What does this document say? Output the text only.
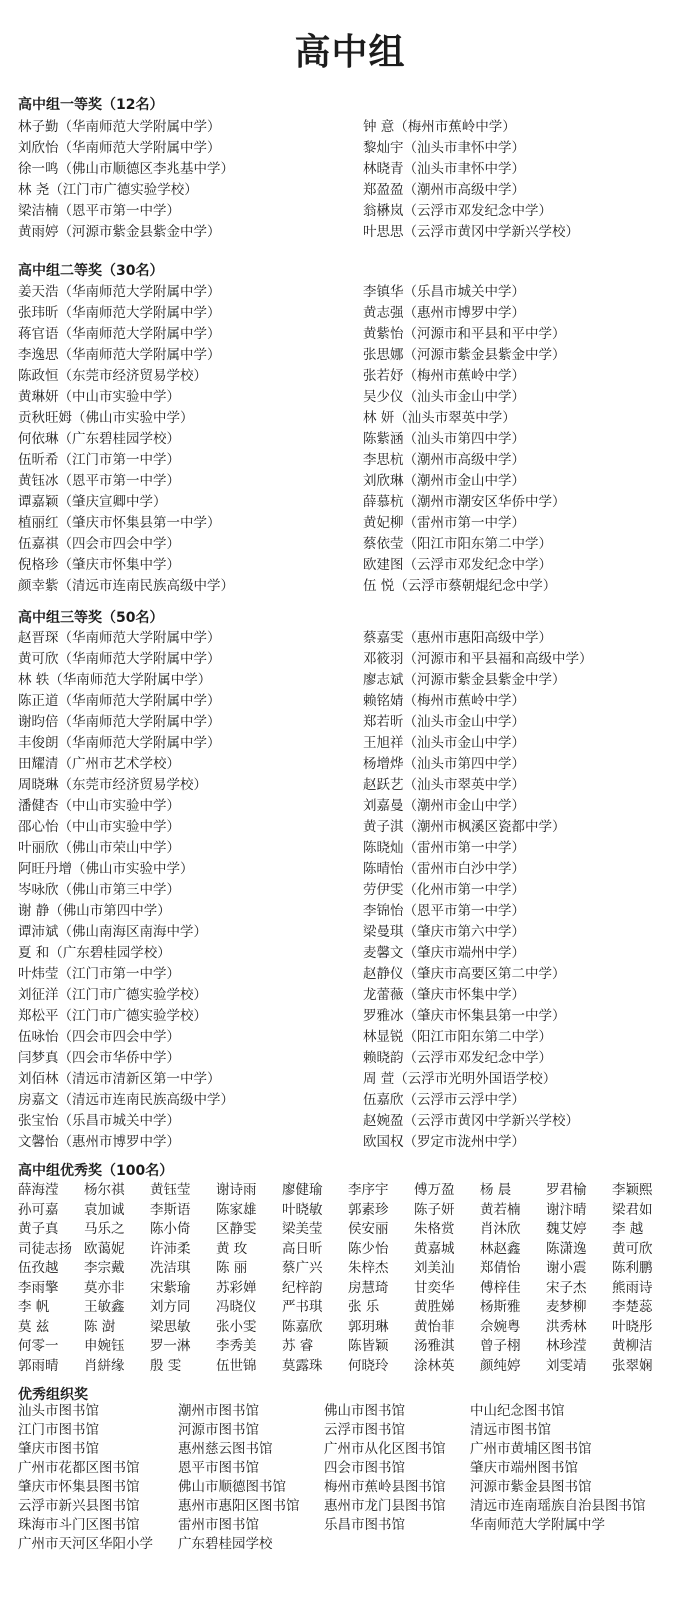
高中组
高中组一等奖（12名）
林子勤（华南师范大学附属中学）	钟 意（梅州市蕉岭中学）
刘欣怡（华南师范大学附属中学）	黎灿宇（汕头市聿怀中学）
徐一鸣（佛山市顺德区李兆基中学）	林晓青（汕头市聿怀中学）
林 尧（江门市广德实验学校）	郑盈盈（潮州市高级中学）
梁洁楠（恩平市第一中学）	翁楙岚（云浮市邓发纪念中学）
黄雨婷（河源市紫金县紫金中学）	叶思思（云浮市黄冈中学新兴学校）
高中组二等奖（30名）
姜天浩（华南师范大学附属中学）	李镇华（乐昌市城关中学）
张玮昕（华南师范大学附属中学）	黄志强（惠州市博罗中学）
蒋官语（华南师范大学附属中学）	黄紫怡（河源市和平县和平中学）
李逸思（华南师范大学附属中学）	张思娜（河源市紫金县紫金中学）
陈政恒（东莞市经济贸易学校）	张若妤（梅州市蕉岭中学）
黄琳妍（中山市实验中学）	吴少仪（汕头市金山中学）
贡秋旺姆（佛山市实验中学）	林 妍（汕头市翠英中学）
何依琳（广东碧桂园学校）	陈紫涵（汕头市第四中学）
伍昕希（江门市第一中学）	李思杭（潮州市高级中学）
黄钰冰（恩平市第一中学）	刘欣琳（潮州市金山中学）
谭嘉颖（肇庆宣卿中学）	薛慕杭（潮州市潮安区华侨中学）
植丽红（肇庆市怀集县第一中学）	黄妃柳（雷州市第一中学）
伍嘉祺（四会市四会中学）	蔡依莹（阳江市阳东第二中学）
倪格珍（肇庆市怀集中学）	欧建图（云浮市邓发纪念中学）
颜幸紫（清远市连南民族高级中学）	伍 悦（云浮市蔡朝焜纪念中学）
高中组三等奖（50名）
赵晋琛（华南师范大学附属中学）	蔡嘉雯（惠州市惠阳高级中学）
黄可欣（华南师范大学附属中学）	邓筱羽（河源市和平县福和高级中学）
林 轶（华南师范大学附属中学）	廖志斌（河源市紫金县紫金中学）
陈正道（华南师范大学附属中学）	赖铭婧（梅州市蕉岭中学）
谢昀倍（华南师范大学附属中学）	郑若昕（汕头市金山中学）
丰俊朗（华南师范大学附属中学）	王旭祥（汕头市金山中学）
田耀清（广州市艺术学校）	杨增烨（汕头市第四中学）
周晓琳（东莞市经济贸易学校）	赵跃艺（汕头市翠英中学）
潘健杏（中山市实验中学）	刘嘉曼（潮州市金山中学）
邵心怡（中山市实验中学）	黄子淇（潮州市枫溪区瓷都中学）
叶丽欣（佛山市荣山中学）	陈晓灿（雷州市第一中学）
阿旺丹增（佛山市实验中学）	陈晴怡（雷州市白沙中学）
岑咏欣（佛山市第三中学）	劳伊雯（化州市第一中学）
谢 静（佛山市第四中学）	李锦怡（恩平市第一中学）
谭沛斌（佛山南海区南海中学）	梁曼琪（肇庆市第六中学）
夏 和（广东碧桂园学校）	麦馨文（肇庆市端州中学）
叶炜莹（江门市第一中学）	赵静仪（肇庆市高要区第二中学）
刘征洋（江门市广德实验学校）	龙蕾薇（肇庆市怀集中学）
郑松平（江门市广德实验学校）	罗雅冰（肇庆市怀集县第一中学）
伍咏怡（四会市四会中学）	林显锐（阳江市阳东第二中学）
闫梦真（四会市华侨中学）	赖晓韵（云浮市邓发纪念中学）
刘佰林（清远市清新区第一中学）	周 萱（云浮市光明外国语学校）
房嘉文（清远市连南民族高级中学）	伍嘉欣（云浮市云浮中学）
张宝怡（乐昌市城关中学）	赵婉盈（云浮市黄冈中学新兴学校）
文馨怡（惠州市博罗中学）	欧国权（罗定市泷州中学）
高中组优秀奖（100名）
薛海滢 杨尔祺 黄钰莹 谢诗雨 廖健瑜 李序宇 傅万盈 杨 晨	罗君榆 李颖熙
孙可嘉 袁加诚 李斯语 陈家雄 叶晓敏 郭素珍 陈子妍 黄若楠 谢汴晴 梁君如
黄子真 马乐之 陈小倚 区静雯 梁美莹 侯安丽 朱格赏 肖沐欣 魏艾婷 李 越
司徒志扬 欧蔼妮 许沛柔 黄 玫	高日昕 陈少怡 黄嘉城 林赵鑫 陈潇逸 黄可欣
伍孜越 李宗戴 冼洁琪 陈 丽	蔡广兴 朱梓杰 刘美汕 郑倩怡 谢小震 陈利鹏
李雨擎 莫亦非 宋紫瑜 苏彩婵 纪梓韵 房慧琦 甘奕华 傅梓佳 宋子杰 熊雨诗
李 帆	王敏鑫 刘方同 冯晓仪 严书琪 张 乐	黄胜娣 杨斯雅 麦梦柳 李楚蕊
莫 兹	陈 澍	梁思敏 张小雯 陈嘉欣 郭玥琳 黄怡菲 佘婉粤 洪秀林 叶晓彤
何零一 申婉钰 罗一淋 李秀美 苏 睿	陈皆颖 汤雅淇 曾子栩 林珍滢 黄柳洁
郭雨晴 肖絣缘 殷 雯	伍世锦 莫露珠 何晓玲 涂林英 颜纯婷 刘雯靖 张翠娴
优秀组织奖
汕头市图书馆	潮州市图书馆	佛山市图书馆	中山纪念图书馆
江门市图书馆	河源市图书馆	云浮市图书馆	清远市图书馆
肇庆市图书馆	惠州慈云图书馆	广州市从化区图书馆 广州市黄埔区图书馆
广州市花都区图书馆	恩平市图书馆	四会市图书馆	肇庆市端州图书馆
肇庆市怀集县图书馆	佛山市顺德图书馆	梅州市蕉岭县图书馆 河源市紫金县图书馆
云浮市新兴县图书馆	惠州市惠阳区图书馆 惠州市龙门县图书馆 清远市连南瑶族自治县图书馆
珠海市斗门区图书馆	雷州市图书馆	乐昌市图书馆	华南师范大学附属中学
广州市天河区华阳小学 广东碧桂园学校
